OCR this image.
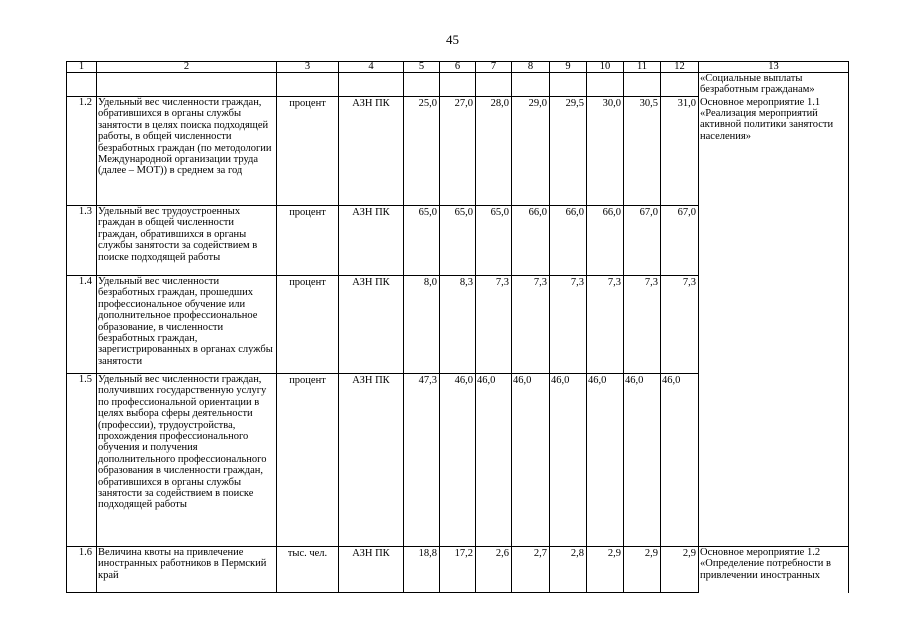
45
1	2	3	4	5	6	7	8	9	10	11	12	13
												«Социальные выплаты безработным гражданам»
1.2	Удельный вес численности граждан, обратившихся в органы службы занятости в целях поиска подходящей работы, в общей численности безработных граждан (по методологии Международной организации труда (далее – МОТ)) в среднем за год	процент	АЗН ПК	25,0	27,0	28,0	29,0	29,5	30,0	30,5	31,0	Основное мероприятие 1.1 «Реализация мероприятий активной политики занятости населения»
1.3	Удельный вес трудоустроенных граждан в общей численности граждан, обратившихся в органы службы занятости за содействием в поиске подходящей работы	процент	АЗН ПК	65,0	65,0	65,0	66,0	66,0	66,0	67,0	67,0	
1.4	Удельный вес численности безработных граждан, прошедших профессиональное обучение или дополнительное профессиональное образование, в численности безработных граждан, зарегистрированных в органах службы занятости	процент	АЗН ПК	8,0	8,3	7,3	7,3	7,3	7,3	7,3	7,3	
1.5	Удельный вес численности граждан, получивших государственную услугу по профессиональной ориентации в целях выбора сферы деятельности (профессии), трудоустройства, прохождения профессионального обучения и получения дополнительного профессионального образования в численности граждан, обратившихся в органы службы занятости за содействием в поиске подходящей работы	процент	АЗН ПК	47,3	46,0	46,0	46,0	46,0	46,0	46,0	46,0	
1.6	Величина квоты на привлечение иностранных работников в Пермский край	тыс. чел.	АЗН ПК	18,8	17,2	2,6	2,7	2,8	2,9	2,9	2,9	Основное мероприятие 1.2 «Определение потребности в привлечении иностранных
